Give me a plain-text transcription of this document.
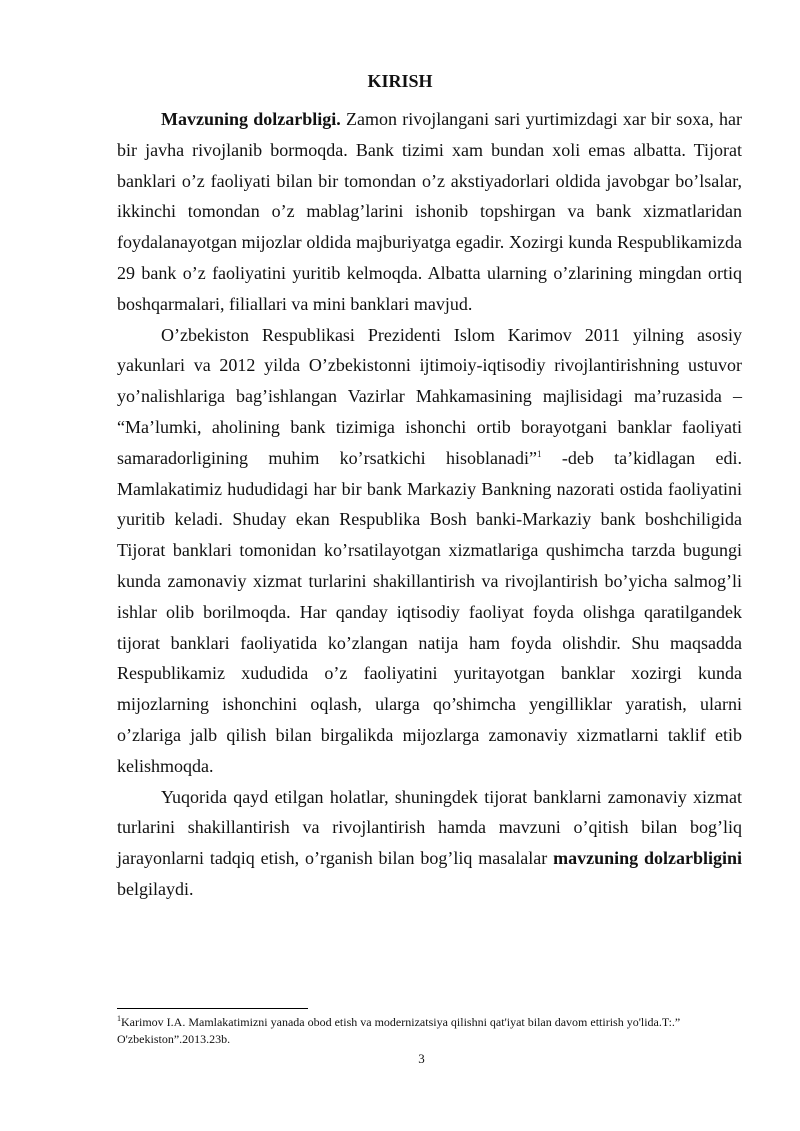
KIRISH

Mavzuning dolzarbligi. Zamon rivojlangani sari yurtimizdagi xar bir soxa, har bir javha rivojlanib bormoqda. Bank tizimi xam bundan xoli emas albatta. Tijorat banklari o’z faoliyati bilan bir tomondan o’z akstiyadorlari oldida javobgar bo’lsalar, ikkinchi tomondan o’z mablag’larini ishonib topshirgan va bank xizmatlaridan foydalanayotgan mijozlar oldida majburiyatga egadir. Xozirgi kunda Respublikamizda 29 bank o’z faoliyatini yuritib kelmoqda. Albatta ularning o’zlarining mingdan ortiq boshqarmalari, filiallari va mini banklari mavjud.

O’zbekiston Respublikasi Prezidenti Islom Karimov 2011 yilning asosiy yakunlari va 2012 yilda O’zbekistonni ijtimoiy-iqtisodiy rivojlantirishning ustuvor yo’nalishlariga bag’ishlangan Vazirlar Mahkamasining majlisidagi ma’ruzasida – “Ma’lumki, aholining bank tizimiga ishonchi ortib borayotgani banklar faoliyati samaradorligining muhim ko’rsatkichi hisoblanadi”$^1$ -deb ta’kidlagan edi. Mamlakatimiz hududidagi har bir bank Markaziy Bankning nazorati ostida faoliyatini yuritib keladi. Shuday ekan Respublika Bosh banki-Markaziy bank boshchiligida Tijorat banklari tomonidan ko’rsatilayotgan xizmatlariga qushimcha tarzda bugungi kunda zamonaviy xizmat turlarini shakillantirish va rivojlantirish bo’yicha salmog’li ishlar olib borilmoqda. Har qanday iqtisodiy faoliyat foyda olishga qaratilgandek tijorat banklari faoliyatida ko’zlangan natija ham foyda olishdir. Shu maqsadda Respublikamiz xududida o’z faoliyatini yuritayotgan banklar xozirgi kunda mijozlarning ishonchini oqlash, ularga qo’shimcha yengilliklar yaratish, ularni o’zlariga jalb qilish bilan birgalikda mijozlarga zamonaviy xizmatlarni taklif etib kelishmoqda.

Yuqorida qayd etilgan holatlar, shuningdek tijorat banklarni zamonaviy xizmat turlarini shakillantirish va rivojlantirish hamda mavzuni o’qitish bilan bog’liq jarayonlarni tadqiq etish, o’rganish bilan bog’liq masalalar mavzuning dolzarbligini belgilaydi.

$^1$Karimov I.A. Mamlakatimizni yanada obod etish va modernizatsiya qilishni qat'iyat bilan davom ettirish yo'lida.T:.” O'zbekiston”.2013.23b.
3
